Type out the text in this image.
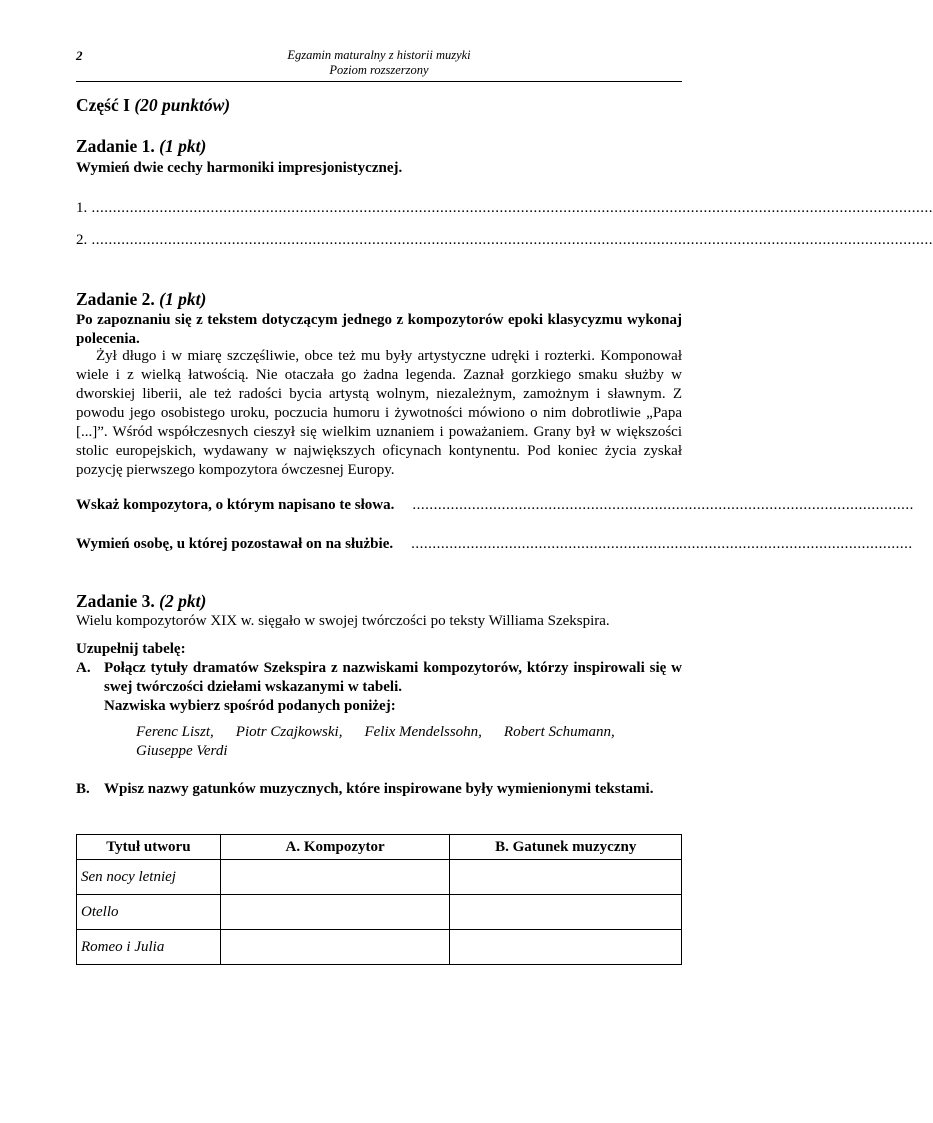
2	Egzamin maturalny z historii muzyki
Poziom rozszerzony
Część I (20 punktów)
Zadanie 1. (1 pkt)
Wymień dwie cechy harmoniki impresjonistycznej.
1. ......................................................................................................................................................................................................
2. ......................................................................................................................................................................................................
Zadanie 2. (1 pkt)
Po zapoznaniu się z tekstem dotyczącym jednego z kompozytorów epoki klasycyzmu wykonaj polecenia.
Żył długo i w miarę szczęśliwie, obce też mu były artystyczne udręki i rozterki. Komponował wiele i z wielką łatwością. Nie otaczała go żadna legenda. Zaznał gorzkiego smaku służby w dworskiej liberii, ale też radości bycia artystą wolnym, niezależnym, zamożnym i sławnym. Z powodu jego osobistego uroku, poczucia humoru i żywotności mówiono o nim dobrotliwie „Papa [...]”. Wśród współczesnych cieszył się wielkim uznaniem i poważaniem. Grany był w większości stolic europejskich, wydawany w największych oficynach kontynentu. Pod koniec życia zyskał pozycję pierwszego kompozytora ówczesnej Europy.
Wskaż kompozytora, o którym napisano te słowa. ......................................................................................................................
Wymień osobę, u której pozostawał on na służbie. ......................................................................................................................
Zadanie 3. (2 pkt)
Wielu kompozytorów XIX w. sięgało w swojej twórczości po teksty Williama Szekspira.
Uzupełnij tabelę:
A. Połącz tytuły dramatów Szekspira z nazwiskami kompozytorów, którzy inspirowali się w swej twórczości dziełami wskazanymi w tabeli.
Nazwiska wybierz spośród podanych poniżej:
Ferenc Liszt, Piotr Czajkowski, Felix Mendelssohn, Robert Schumann,
Giuseppe Verdi
B. Wpisz nazwy gatunków muzycznych, które inspirowane były wymienionymi tekstami.
Tytuł utworu	A. Kompozytor	B. Gatunek muzyczny
Sen nocy letniej		
Otello		
Romeo i Julia		
